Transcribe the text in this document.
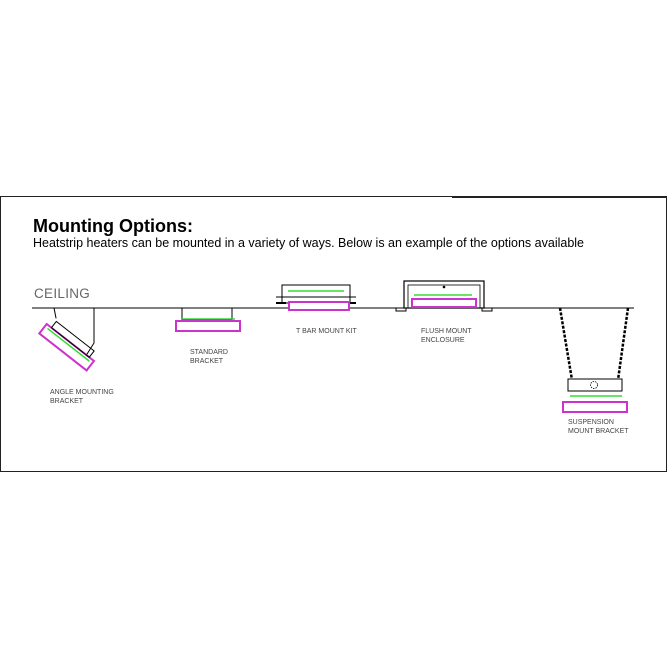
Mounting Options:
Heatstrip heaters can be mounted in a variety of ways. Below is an example of the options available
CEILING
ANGLE MOUNTING
BRACKET
STANDARD
BRACKET
T BAR MOUNT KIT	FLUSH MOUNT
ENCLOSURE
SUSPENSION
MOUNT BRACKET
